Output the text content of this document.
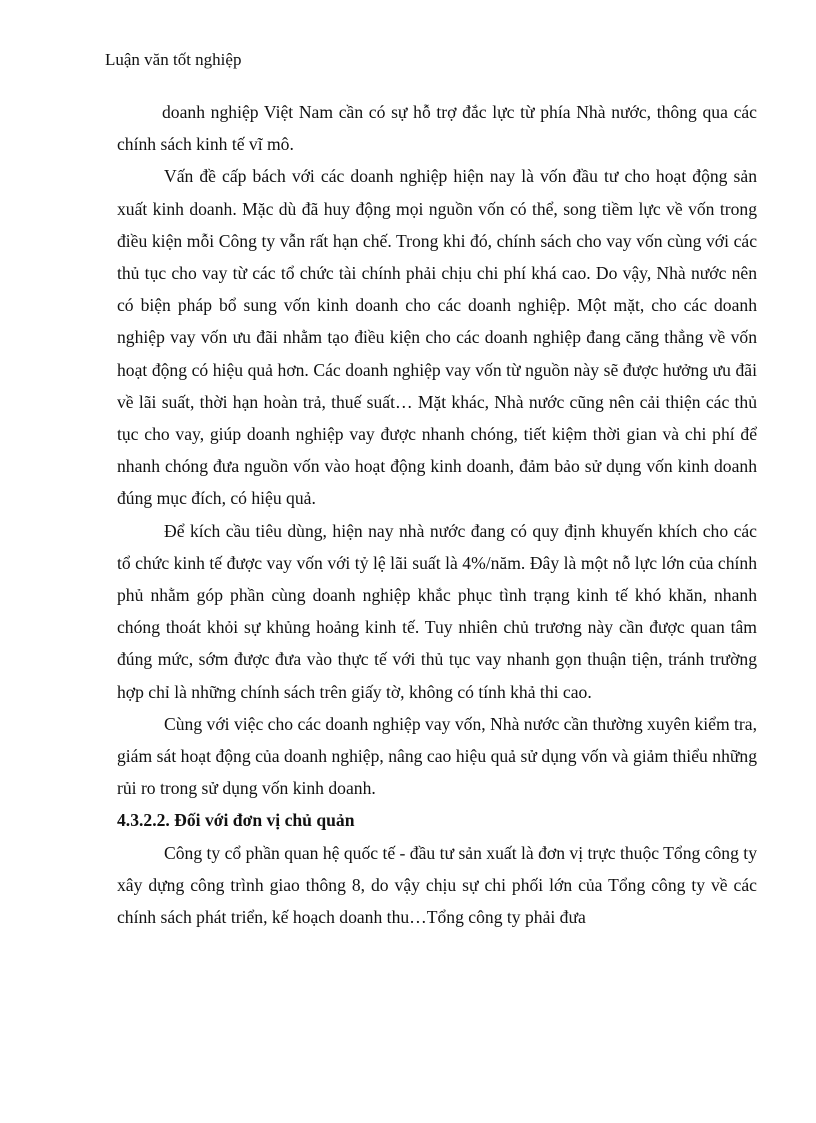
Luận văn tốt nghiệp

doanh nghiệp Việt Nam cần có sự hỗ trợ đắc lực từ phía Nhà nước, thông qua các chính sách kinh tế vĩ mô.

Vấn đề cấp bách với các doanh nghiệp hiện nay là vốn đầu tư cho hoạt động sản xuất kinh doanh. Mặc dù đã huy động mọi nguồn vốn có thể, song tiềm lực về vốn trong điều kiện mỗi Công ty vẫn rất hạn chế. Trong khi đó, chính sách cho vay vốn cùng với các thủ tục cho vay từ các tổ chức tài chính phải chịu chi phí khá cao. Do vậy, Nhà nước nên có biện pháp bổ sung vốn kinh doanh cho các doanh nghiệp. Một mặt, cho các doanh nghiệp vay vốn ưu đãi nhằm tạo điều kiện cho các doanh nghiệp đang căng thẳng về vốn hoạt động có hiệu quả hơn. Các doanh nghiệp vay vốn từ nguồn này sẽ được hưởng ưu đãi về lãi suất, thời hạn hoàn trả, thuế suất… Mặt khác, Nhà nước cũng nên cải thiện các thủ tục cho vay, giúp doanh nghiệp vay được nhanh chóng, tiết kiệm thời gian và chi phí để nhanh chóng đưa nguồn vốn vào hoạt động kinh doanh, đảm bảo sử dụng vốn kinh doanh đúng mục đích, có hiệu quả.

Để kích cầu tiêu dùng, hiện nay nhà nước đang có quy định khuyến khích cho các tổ chức kinh tế được vay vốn với tỷ lệ lãi suất là 4%/năm. Đây là một nỗ lực lớn của chính phủ nhằm góp phần cùng doanh nghiệp khắc phục tình trạng kinh tế khó khăn, nhanh chóng thoát khỏi sự khủng hoảng kinh tế. Tuy nhiên chủ trương này cần được quan tâm đúng mức, sớm được đưa vào thực tế với thủ tục vay nhanh gọn thuận tiện, tránh trường hợp chỉ là những chính sách trên giấy tờ, không có tính khả thi cao.

Cùng với việc cho các doanh nghiệp vay vốn, Nhà nước cần thường xuyên kiểm tra, giám sát hoạt động của doanh nghiệp, nâng cao hiệu quả sử dụng vốn và giảm thiểu những rủi ro trong sử dụng vốn kinh doanh.

4.3.2.2. Đối với đơn vị chủ quản

Công ty cổ phần quan hệ quốc tế - đầu tư sản xuất là đơn vị trực thuộc Tổng công ty xây dựng công trình giao thông 8, do vậy chịu sự chi phối lớn của Tổng công ty về các chính sách phát triển, kế hoạch doanh thu…Tổng công ty phải đưa
